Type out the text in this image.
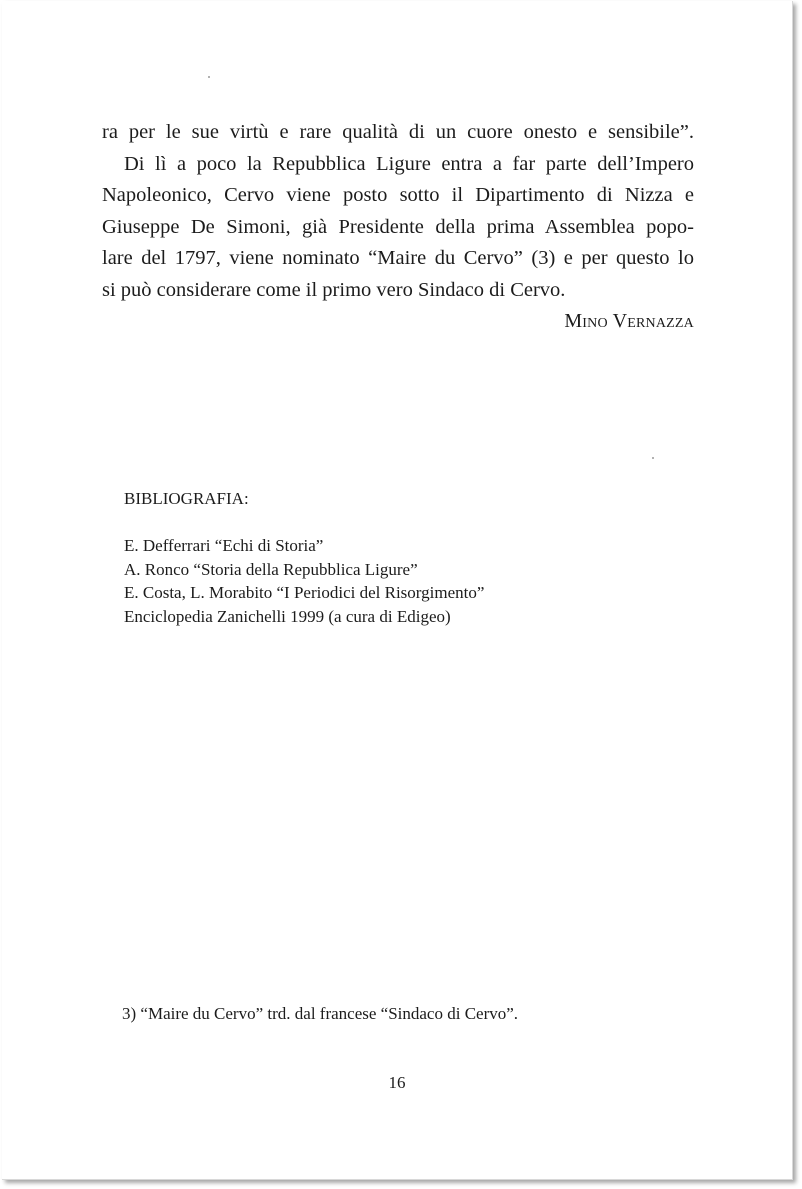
ra per le sue virtù e rare qualità di un cuore onesto e sensibile”.
Di lì a poco la Repubblica Ligure entra a far parte dell’Impero
Napoleonico, Cervo viene posto sotto il Dipartimento di Nizza e
Giuseppe De Simoni, già Presidente della prima Assemblea popo-
lare del 1797, viene nominato “Maire du Cervo” (3) e per questo lo
si può considerare come il primo vero Sindaco di Cervo.
Mino Vernazza
BIBLIOGRAFIA:
E. Defferrari “Echi di Storia”
A. Ronco “Storia della Repubblica Ligure”
E. Costa, L. Morabito “I Periodici del Risorgimento”
Enciclopedia Zanichelli 1999 (a cura di Edigeo)
3) “Maire du Cervo” trd. dal francese “Sindaco di Cervo”.
16
